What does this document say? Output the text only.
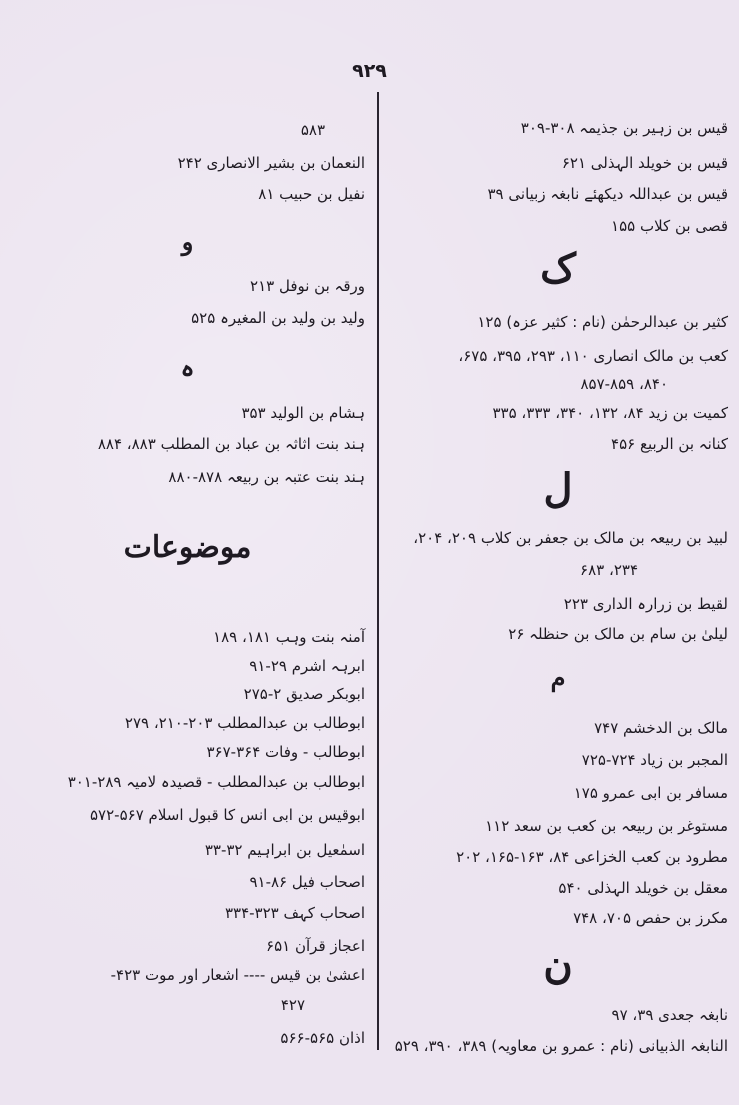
۹۲۹
قیس بن زہیر بن جذیمہ ۳۰۸-۳۰۹
قیس بن خویلد الہذلی ۶۲۱
قیس بن عبداللہ دیکھئے نابغہ زبیانی ۳۹
قصی بن کلاب ۱۵۵
ک
کثیر بن عبدالرحمٰن (نام : کثیر عزہ) ۱۲۵
کعب بن مالک انصاری ۱۱۰، ۲۹۳، ۳۹۵، ۶۷۵،
۸۴۰، ۸۵۷-۸۵۹
کمیت بن زید ۸۴، ۱۳۲، ۳۴۰، ۳۳۳، ۳۳۵
کنانہ بن الربیع ۴۵۶
ل
لبید بن ربیعہ بن مالک بن جعفر بن کلاب ۲۰۹، ۲۰۴،
۲۳۴، ۶۸۳
لقیط بن زرارہ الداری ۲۲۳
لیلیٰ بن سام بن مالک بن حنظلہ ۲۶
م
مالک بن الدخشم ۷۴۷
المجبر بن زیاد ۷۲۴-۷۲۵
مسافر بن ابی عمرو ۱۷۵
مستوغر بن ربیعہ بن کعب بن سعد ۱۱۲
مطرود بن کعب الخزاعی ۸۴، ۱۶۳-۱۶۵، ۲۰۲
معقل بن خویلد الہذلی ۵۴۰
مکرز بن حفص ۷۰۵، ۷۴۸
ن
نابغہ جعدی ۳۹، ۹۷
النابغہ الذبیانی (نام : عمرو بن معاویہ) ۳۸۹، ۳۹۰، ۵۲۹
۵۸۳
النعمان بن بشیر الانصاری ۲۴۲
نفیل بن حبیب ۸۱
و
ورقہ بن نوفل ۲۱۳
ولید بن ولید بن المغیرہ ۵۲۵
ہ
ہشام بن الولید ۳۵۳
ہند بنت اثاثہ بن عباد بن المطلب ۸۸۳، ۸۸۴
ہند بنت عتبہ بن ربیعہ ۸۷۸-۸۸۰
موضوعات
آمنہ بنت وہب ۱۸۱، ۱۸۹
ابرہہ اشرم ۲۹-۹۱
ابوبکر صدیق ۲-۲۷۵
ابوطالب بن عبدالمطلب ۲۰۳-۲۱۰، ۲۷۹
ابوطالب - وفات ۳۶۴-۳۶۷
ابوطالب بن عبدالمطلب - قصیدہ لامیہ ۲۸۹-۳۰۱
ابوقیس بن ابی انس کا قبول اسلام ۵۶۷-۵۷۲
اسمٰعیل بن ابراہیم ۳۲-۳۳
اصحاب فیل ۸۶-۹۱
اصحاب کہف ۳۲۳-۳۳۴
اعجاز قرآن ۶۵۱
اعشیٰ بن قیس ---- اشعار اور موت ۴۲۳-
۴۲۷
اذان ۵۶۵-۵۶۶
